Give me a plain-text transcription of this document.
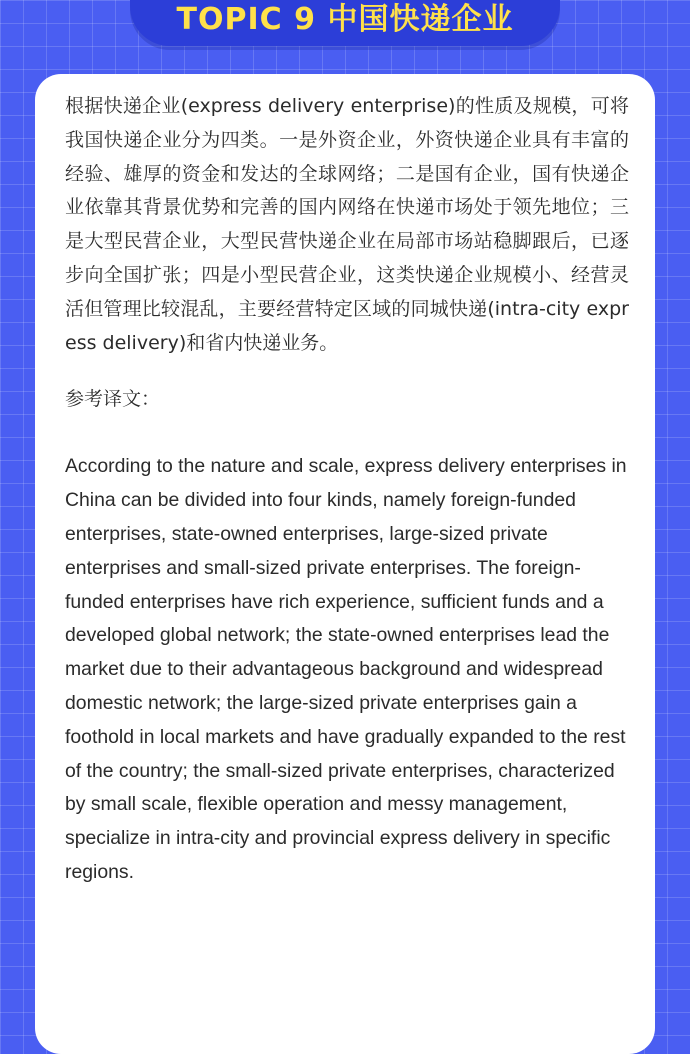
TOPIC 9 中国快递企业

根据快递企业(express delivery enterprise)的性质及规模，可将我国快递企业分为四类。一是外资企业，外资快递企业具有丰富的经验、雄厚的资金和发达的全球网络；二是国有企业，国有快递企业依靠其背景优势和完善的国内网络在快递市场处于领先地位；三是大型民营企业，大型民营快递企业在局部市场站稳脚跟后，已逐步向全国扩张；四是小型民营企业，这类快递企业规模小、经营灵活但管理比较混乱，主要经营特定区域的同城快递(intra-city express delivery)和省内快递业务。

参考译文：

According to the nature and scale, express delivery enterprises in China can be divided into four kinds, namely foreign-funded enterprises, state-owned enterprises, large-sized private enterprises and small-sized private enterprises. The foreign-funded enterprises have rich experience, sufficient funds and a developed global network; the state-owned enterprises lead the market due to their advantageous background and widespread domestic network; the large-sized private enterprises gain a foothold in local markets and have gradually expanded to the rest of the country; the small-sized private enterprises, characterized by small scale, flexible operation and messy management, specialize in intra-city and provincial express delivery in specific regions.
